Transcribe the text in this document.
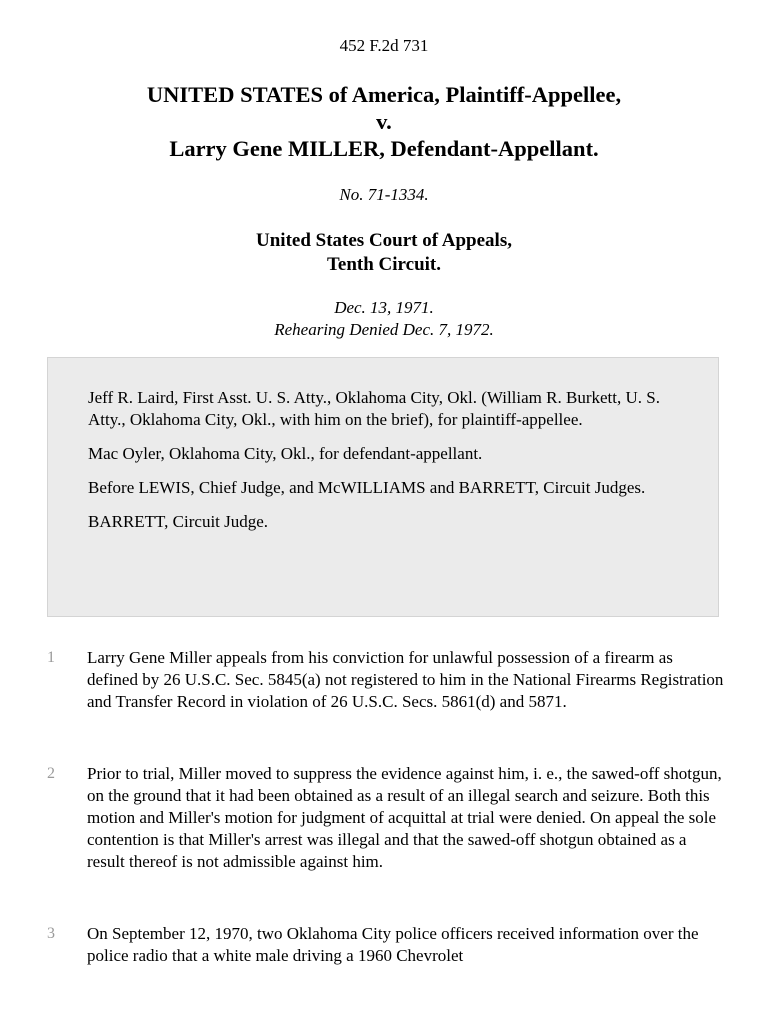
452 F.2d 731
UNITED STATES of America, Plaintiff-Appellee,
v.
Larry Gene MILLER, Defendant-Appellant.
No. 71-1334.
United States Court of Appeals,
Tenth Circuit.
Dec. 13, 1971.
Rehearing Denied Dec. 7, 1972.

Jeff R. Laird, First Asst. U. S. Atty., Oklahoma City, Okl. (William R. Burkett, U. S. Atty., Oklahoma City, Okl., with him on the brief), for plaintiff-appellee.

Mac Oyler, Oklahoma City, Okl., for defendant-appellant.

Before LEWIS, Chief Judge, and McWILLIAMS and BARRETT, Circuit Judges.

BARRETT, Circuit Judge.

1 Larry Gene Miller appeals from his conviction for unlawful possession of a firearm as defined by 26 U.S.C. Sec. 5845(a) not registered to him in the National Firearms Registration and Transfer Record in violation of 26 U.S.C. Secs. 5861(d) and 5871.
2 Prior to trial, Miller moved to suppress the evidence against him, i. e., the sawed-off shotgun, on the ground that it had been obtained as a result of an illegal search and seizure. Both this motion and Miller's motion for judgment of acquittal at trial were denied. On appeal the sole contention is that Miller's arrest was illegal and that the sawed-off shotgun obtained as a result thereof is not admissible against him.
3 On September 12, 1970, two Oklahoma City police officers received information over the police radio that a white male driving a 1960 Chevrolet
